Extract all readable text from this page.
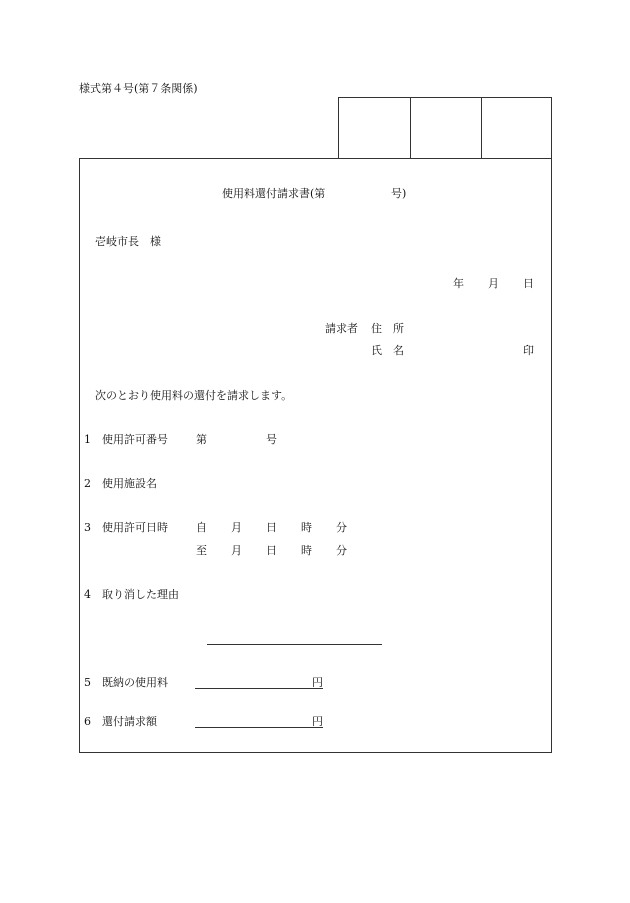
様式第４号(第７条関係)
使用料還付請求書(第	号)
壱岐市長　様
年 月 日
請求者 住　所
氏　名	印
次のとおり使用料の還付を請求します。
1 使用許可番号	第	号
2 使用施設名
3 使用許可日時	自 月 日 時 分
至 月 日 時 分
4 取り消した理由
5 既納の使用料	円
6 還付請求額	円
